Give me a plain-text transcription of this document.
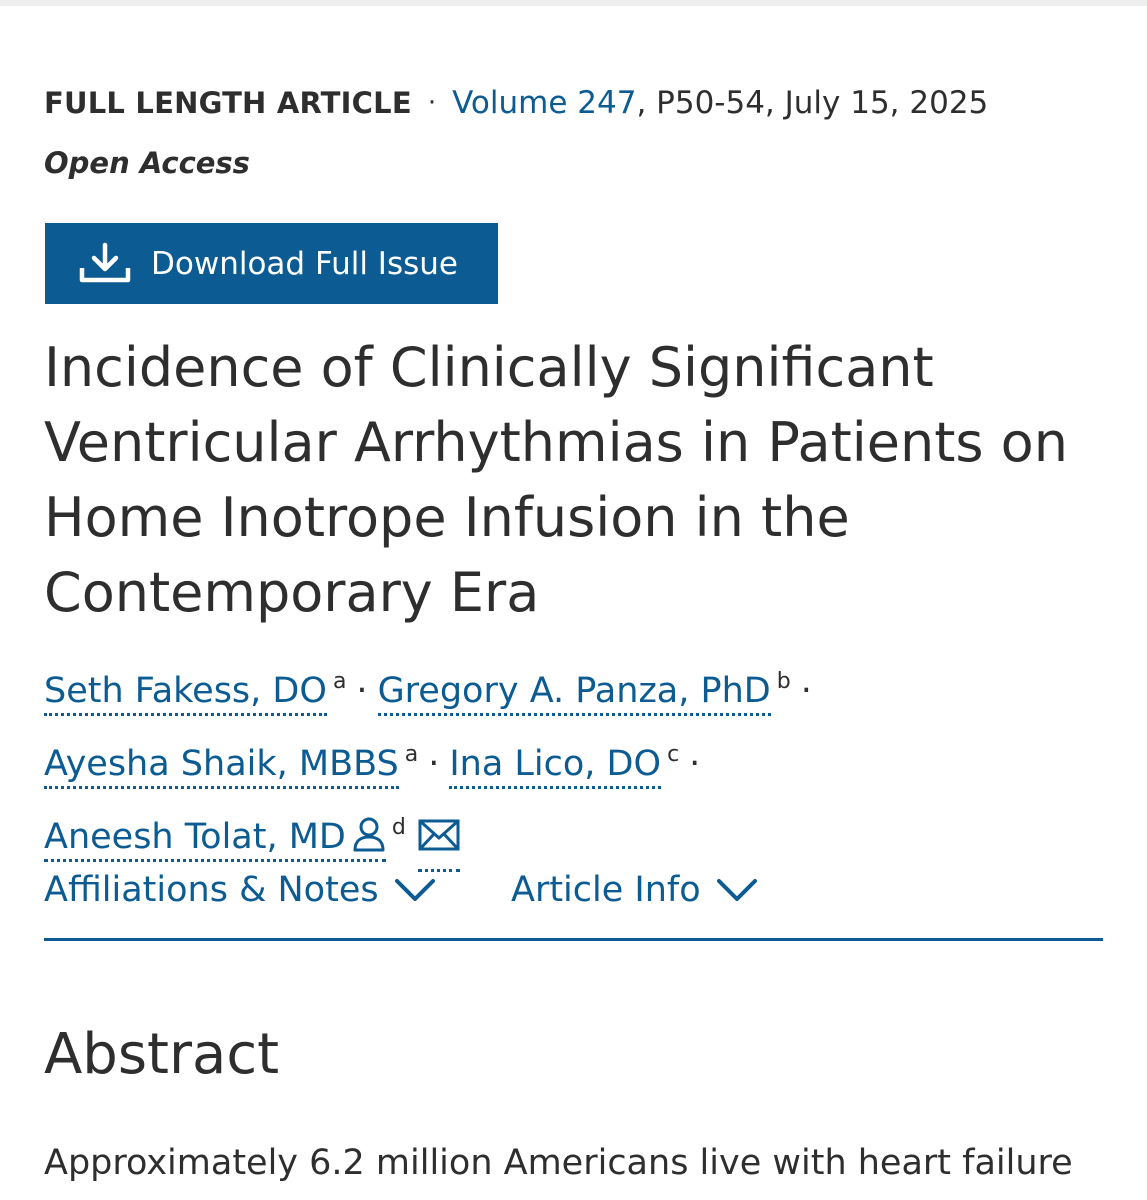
FULL LENGTH ARTICLE · Volume 247 , P50-54, July 15, 2025
Open Access
Download Full Issue
Incidence of Clinically Significant Ventricular Arrhythmias in Patients on Home Inotrope Infusion in the Contemporary Era
Seth Fakess, DO $^a$ · Gregory A. Panza, PhD $^b$ ·
Ayesha Shaik, MBBS $^a$ · Ina Lico, DO $^c$ ·
Aneesh Tolat, MD $^d$
Affiliations & Notes	Article Info
Abstract

Approximately 6.2 million Americans live with heart failure
